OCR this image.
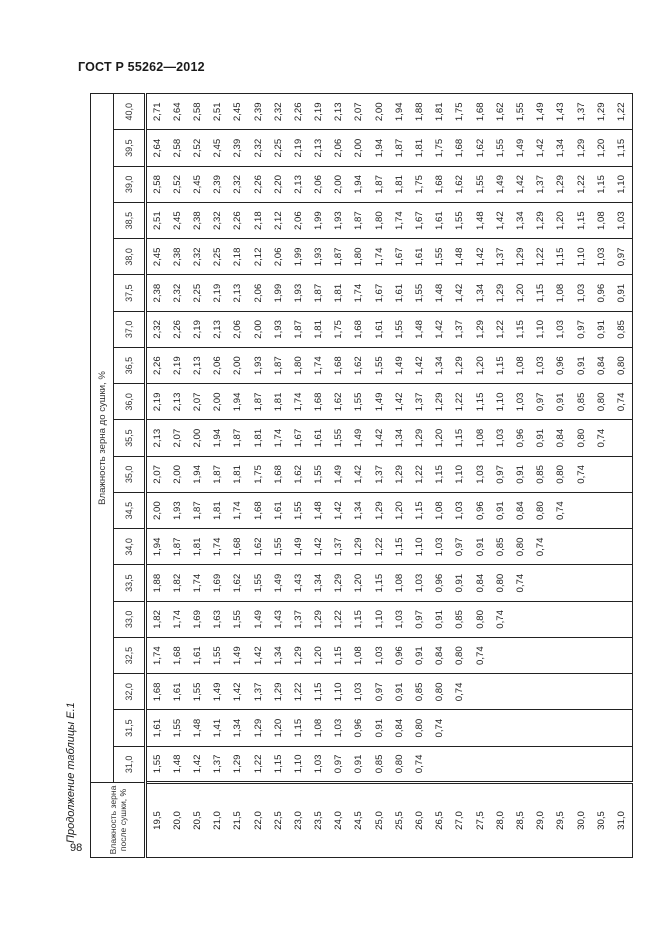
ГОСТ Р 55262—2012
Продолжение таблицы Е.1
98	Влажность зерна после сушки, %	Влажность зерна до сушки, %																		
	31,0	31,5	32,0	32,5	33,0	33,5	34,0	34,5	35,0	35,5	36,0	36,5	37,0	37,5	38,0	38,5	39,0	39,5	40,0
19,5	1,55	1,61	1,68	1,74	1,82	1,88	1,94	2,00	2,07	2,13	2,19	2,26	2,32	2,38	2,45	2,51	2,58	2,64	2,71
20,0	1,48	1,55	1,61	1,68	1,74	1,82	1,87	1,93	2,00	2,07	2,13	2,19	2,26	2,32	2,38	2,45	2,52	2,58	2,64
20,5	1,42	1,48	1,55	1,61	1,69	1,74	1,81	1,87	1,94	2,00	2,07	2,13	2,19	2,25	2,32	2,38	2,45	2,52	2,58
21,0	1,37	1,41	1,49	1,55	1,63	1,69	1,74	1,81	1,87	1,94	2,00	2,06	2,13	2,19	2,25	2,32	2,39	2,45	2,51
21,5	1,29	1,34	1,42	1,49	1,55	1,62	1,68	1,74	1,81	1,87	1,94	2,00	2,06	2,13	2,18	2,26	2,32	2,39	2,45
22,0	1,22	1,29	1,37	1,42	1,49	1,55	1,62	1,68	1,75	1,81	1,87	1,93	2,00	2,06	2,12	2,18	2,26	2,32	2,39
22,5	1,15	1,20	1,29	1,34	1,43	1,49	1,55	1,61	1,68	1,74	1,81	1,87	1,93	1,99	2,06	2,12	2,20	2,25	2,32
23,0	1,10	1,15	1,22	1,29	1,37	1,43	1,49	1,55	1,62	1,67	1,74	1,80	1,87	1,93	1,99	2,06	2,13	2,19	2,26
23,5	1,03	1,08	1,15	1,20	1,29	1,34	1,42	1,48	1,55	1,61	1,68	1,74	1,81	1,87	1,93	1,99	2,06	2,13	2,19
24,0	0,97	1,03	1,10	1,15	1,22	1,29	1,37	1,42	1,49	1,55	1,62	1,68	1,75	1,81	1,87	1,93	2,00	2,06	2,13
24,5	0,91	0,96	1,03	1,08	1,15	1,20	1,29	1,34	1,42	1,49	1,55	1,62	1,68	1,74	1,80	1,87	1,94	2,00	2,07
25,0	0,85	0,91	0,97	1,03	1,10	1,15	1,22	1,29	1,37	1,42	1,49	1,55	1,61	1,67	1,74	1,80	1,87	1,94	2,00
25,5	0,80	0,84	0,91	0,96	1,03	1,08	1,15	1,20	1,29	1,34	1,42	1,49	1,55	1,61	1,67	1,74	1,81	1,87	1,94
26,0	0,74	0,80	0,85	0,91	0,97	1,03	1,10	1,15	1,22	1,29	1,37	1,42	1,48	1,55	1,61	1,67	1,75	1,81	1,88
26,5		0,74	0,80	0,84	0,91	0,96	1,03	1,08	1,15	1,20	1,29	1,34	1,42	1,48	1,55	1,61	1,68	1,75	1,81
27,0			0,74	0,80	0,85	0,91	0,97	1,03	1,10	1,15	1,22	1,29	1,37	1,42	1,48	1,55	1,62	1,68	1,75
27,5				0,74	0,80	0,84	0,91	0,96	1,03	1,08	1,15	1,20	1,29	1,34	1,42	1,48	1,55	1,62	1,68
28,0					0,74	0,80	0,85	0,91	0,97	1,03	1,10	1,15	1,22	1,29	1,37	1,42	1,49	1,55	1,62
28,5						0,74	0,80	0,84	0,91	0,96	1,03	1,08	1,15	1,20	1,29	1,34	1,42	1,49	1,55
29,0							0,74	0,80	0,85	0,91	0,97	1,03	1,10	1,15	1,22	1,29	1,37	1,42	1,49
29,5								0,74	0,80	0,84	0,91	0,96	1,03	1,08	1,15	1,20	1,29	1,34	1,43
30,0									0,74	0,80	0,85	0,91	0,97	1,03	1,10	1,15	1,22	1,29	1,37
30,5										0,74	0,80	0,84	0,91	0,96	1,03	1,08	1,15	1,20	1,29
31,0											0,74	0,80	0,85	0,91	0,97	1,03	1,10	1,15	1,22
